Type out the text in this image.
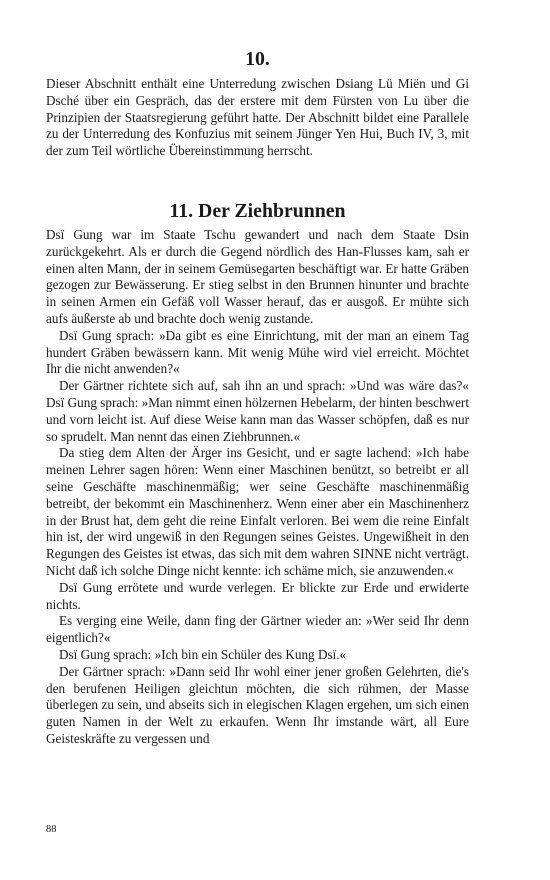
10.

Dieser Abschnitt enthält eine Unterredung zwischen Dsiang Lü Miën und Gi Dsché über ein Gespräch, das der erstere mit dem Fürsten von Lu über die Prinzipien der Staatsregierung geführt hatte. Der Abschnitt bildet eine Parallele zu der Unterredung des Konfuzius mit seinem Jünger Yen Hui, Buch IV, 3, mit der zum Teil wörtliche Übereinstimmung herrscht.

11. Der Ziehbrunnen

Dsï Gung war im Staate Tschu gewandert und nach dem Staate Dsin zurückgekehrt. Als er durch die Gegend nördlich des Han-Flusses kam, sah er einen alten Mann, der in seinem Gemüsegarten beschäftigt war. Er hatte Gräben gezogen zur Bewässerung. Er stieg selbst in den Brunnen hinunter und brachte in seinen Armen ein Gefäß voll Wasser herauf, das er ausgoß. Er mühte sich aufs äußerste ab und brachte doch wenig zustande.

Dsï Gung sprach: »Da gibt es eine Einrichtung, mit der man an einem Tag hundert Gräben bewässern kann. Mit wenig Mühe wird viel erreicht. Möchtet Ihr die nicht anwenden?«

Der Gärtner richtete sich auf, sah ihn an und sprach: »Und was wäre das?« Dsï Gung sprach: »Man nimmt einen hölzernen Hebelarm, der hinten beschwert und vorn leicht ist. Auf diese Weise kann man das Wasser schöpfen, daß es nur so sprudelt. Man nennt das einen Ziehbrunnen.«

Da stieg dem Alten der Ärger ins Gesicht, und er sagte lachend: »Ich habe meinen Lehrer sagen hören: Wenn einer Maschinen benützt, so betreibt er all seine Geschäfte maschinenmäßig; wer seine Geschäfte maschinenmäßig betreibt, der bekommt ein Maschinenherz. Wenn einer aber ein Maschinenherz in der Brust hat, dem geht die reine Einfalt verloren. Bei wem die reine Einfalt hin ist, der wird ungewiß in den Regungen seines Geistes. Ungewißheit in den Regungen des Geistes ist etwas, das sich mit dem wahren SINNE nicht verträgt. Nicht daß ich solche Dinge nicht kennte: ich schäme mich, sie anzuwenden.«

Dsï Gung errötete und wurde verlegen. Er blickte zur Erde und erwiderte nichts.

Es verging eine Weile, dann fing der Gärtner wieder an: »Wer seid Ihr denn eigentlich?«

Dsï Gung sprach: »Ich bin ein Schüler des Kung Dsï.«

Der Gärtner sprach: »Dann seid Ihr wohl einer jener großen Gelehrten, die's den berufenen Heiligen gleichtun möchten, die sich rühmen, der Masse überlegen zu sein, und abseits sich in elegischen Klagen ergehen, um sich einen guten Namen in der Welt zu erkaufen. Wenn Ihr imstande wärt, all Eure Geisteskräfte zu vergessen und

88
